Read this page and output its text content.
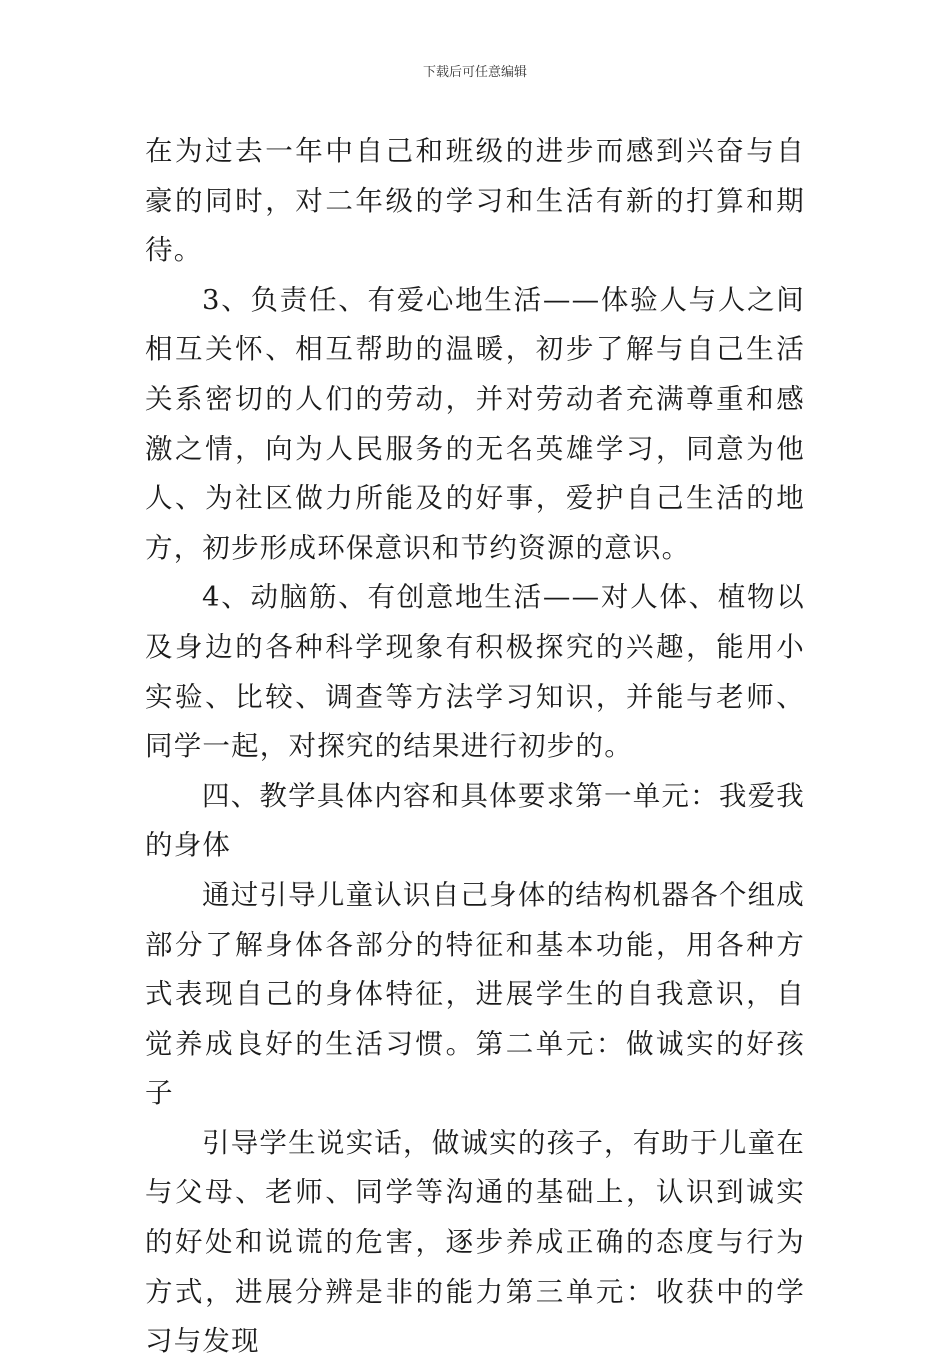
下载后可任意编辑

在为过去一年中自己和班级的进步而感到兴奋与自豪的同时，对二年级的学习和生活有新的打算和期待。

3、负责任、有爱心地生活——体验人与人之间相互关怀、相互帮助的温暖，初步了解与自己生活关系密切的人们的劳动，并对劳动者充满尊重和感激之情，向为人民服务的无名英雄学习，同意为他人、为社区做力所能及的好事，爱护自己生活的地方，初步形成环保意识和节约资源的意识。

4、动脑筋、有创意地生活——对人体、植物以及身边的各种科学现象有积极探究的兴趣，能用小实验、比较、调查等方法学习知识，并能与老师、同学一起，对探究的结果进行初步的。

四、教学具体内容和具体要求第一单元：我爱我的身体

通过引导儿童认识自己身体的结构机器各个组成部分了解身体各部分的特征和基本功能，用各种方式表现自己的身体特征，进展学生的自我意识，自觉养成良好的生活习惯。第二单元：做诚实的好孩子

引导学生说实话，做诚实的孩子，有助于儿童在与父母、老师、同学等沟通的基础上，认识到诚实的好处和说谎的危害，逐步养成正确的态度与行为方式，进展分辨是非的能力第三单元：收获中的学习与发现
